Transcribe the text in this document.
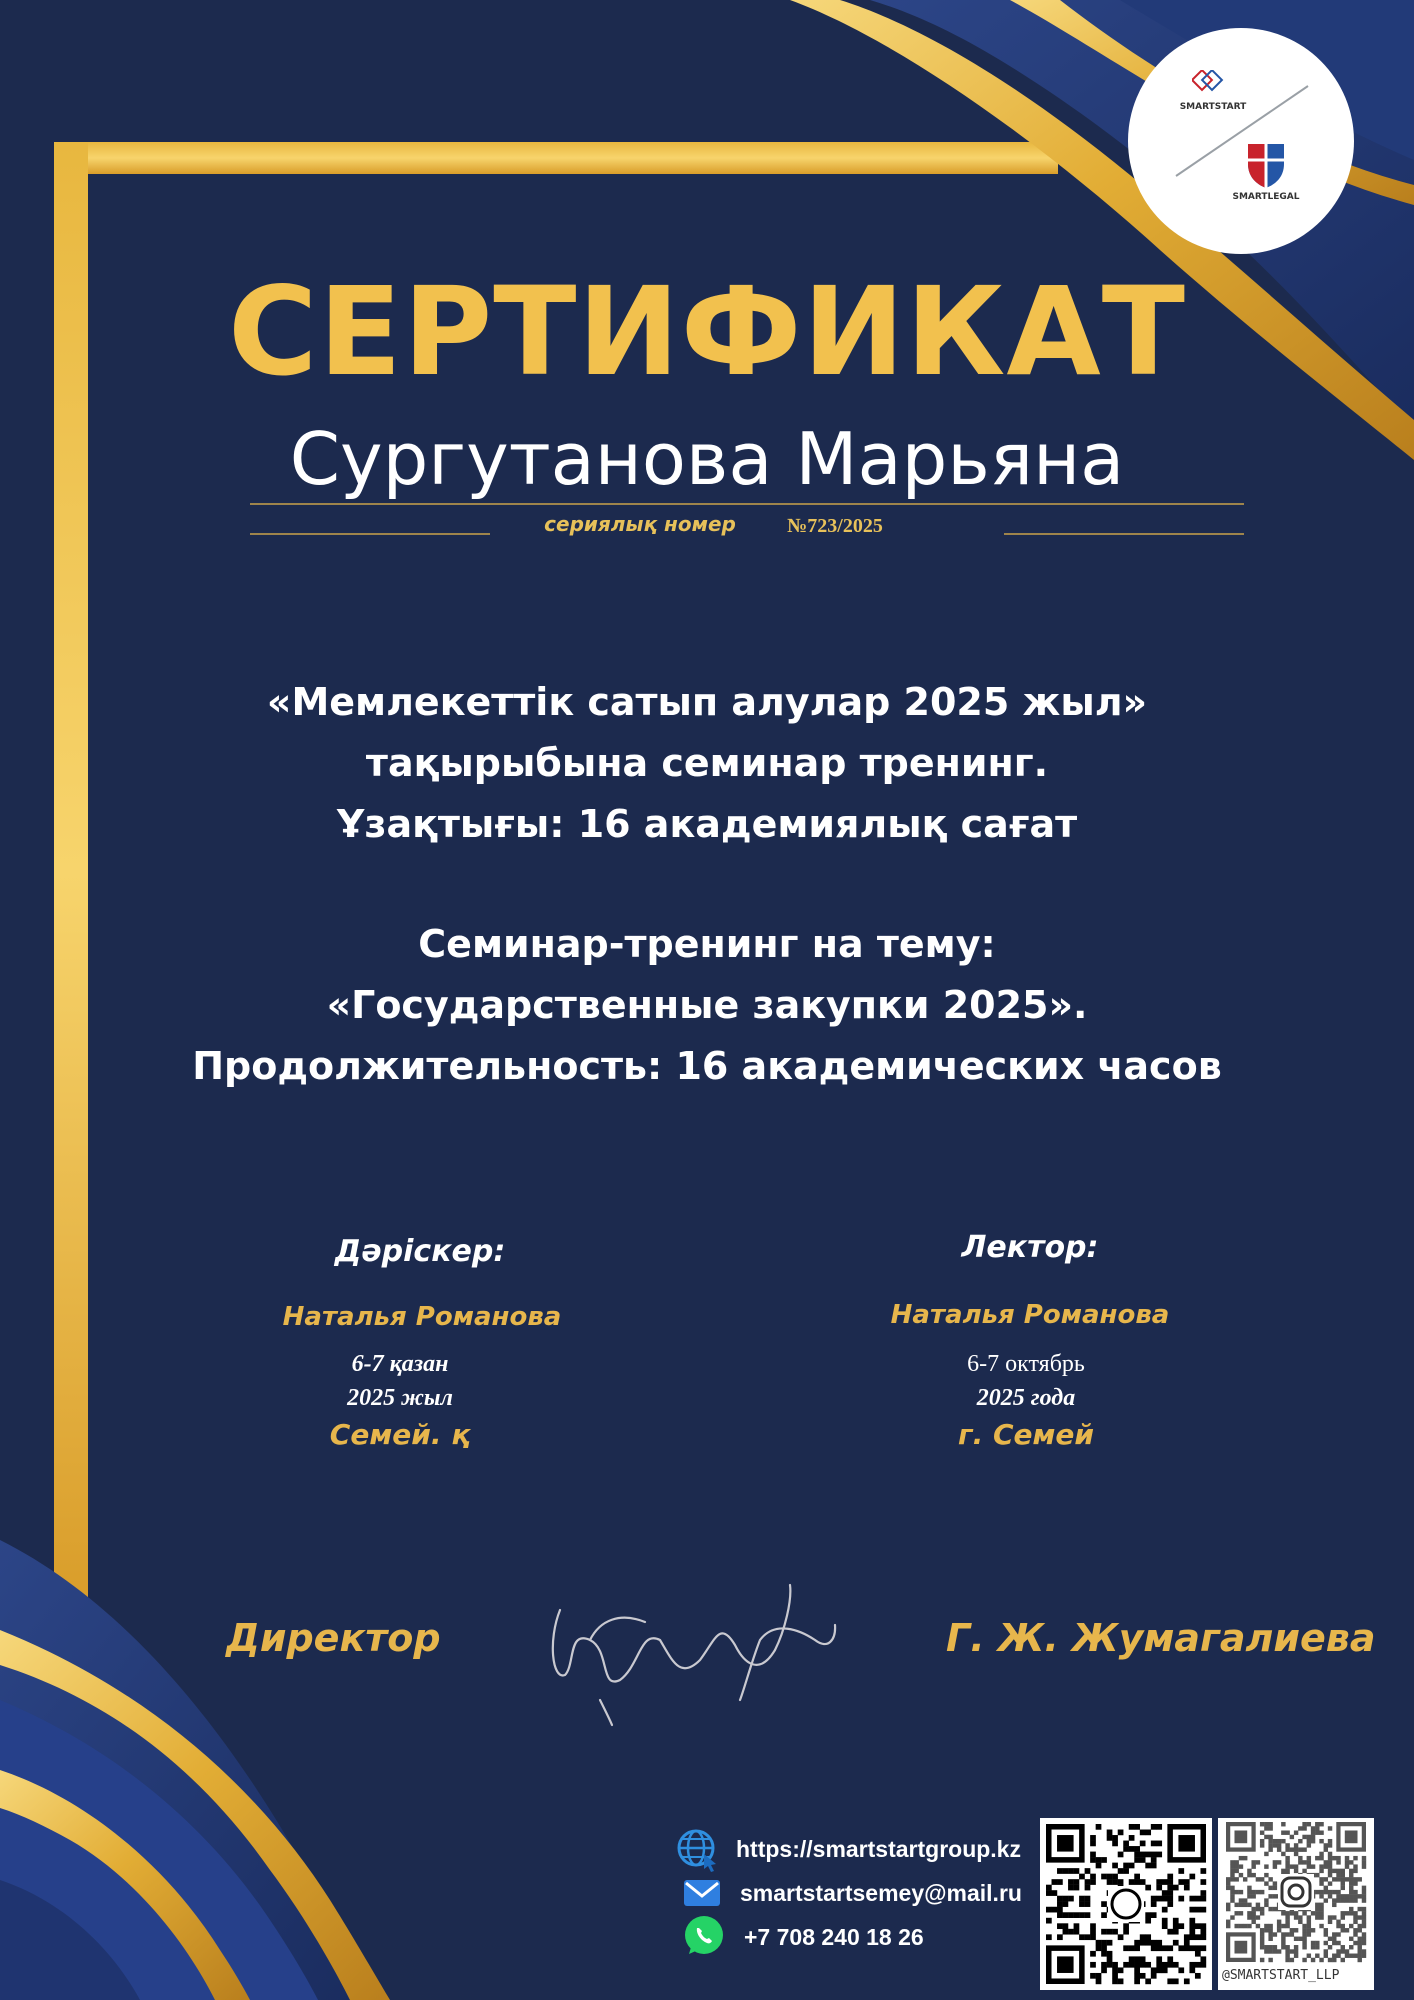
SMARTSTART
SMARTLEGAL
СЕРТИФИКАТ
Сургутанова Марьяна
сериялық номер	№723/2025
«Мемлекеттік сатып алулар 2025 жыл»
тақырыбына семинар тренинг.
Ұзақтығы: 16 академиялық сағат
Семинар-тренинг на тему:
«Государственные закупки 2025».
Продолжительность: 16 академических часов
Дәріскер:
Наталья Романова
6-7 қазан
2025 жыл
Семей. қ
Лектор:
Наталья Романова
6-7 октябрь
2025 года
г. Семей
Директор	Г. Ж. Жумагалиева
https://smartstartgroup.kz
smartstartsemey@mail.ru
+7 708 240 18 26
@SMARTSTART_LLP
